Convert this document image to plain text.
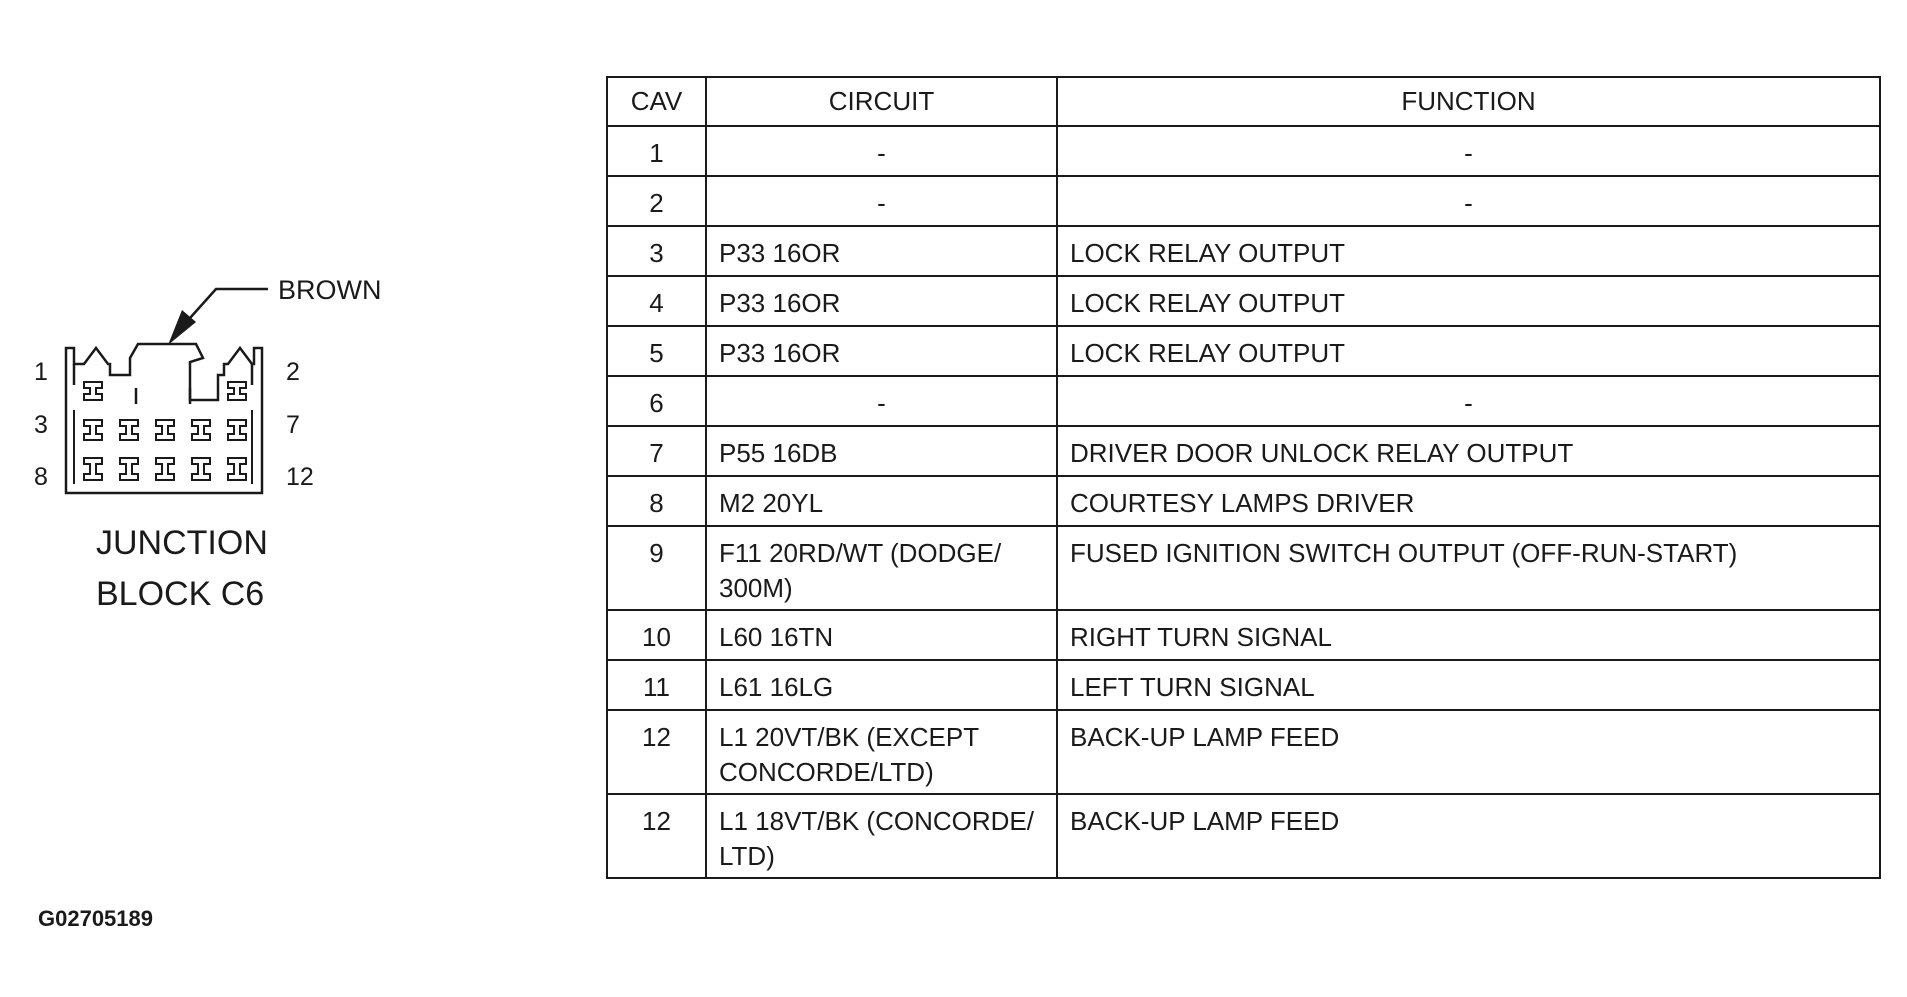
BROWN
1	2
3	7
8	12
JUNCTION
BLOCK C6
CAV	CIRCUIT	FUNCTION
1	-	-
2	-	-
3	P33 16OR	LOCK RELAY OUTPUT
4	P33 16OR	LOCK RELAY OUTPUT
5	P33 16OR	LOCK RELAY OUTPUT
6	-	-
7	P55 16DB	DRIVER DOOR UNLOCK RELAY OUTPUT
8	M2 20YL	COURTESY LAMPS DRIVER
9	F11 20RD/WT (DODGE/ 300M)	FUSED IGNITION SWITCH OUTPUT (OFF-RUN-START)
10	L60 16TN	RIGHT TURN SIGNAL
11	L61 16LG	LEFT TURN SIGNAL
12	L1 20VT/BK (EXCEPT CONCORDE/LTD)	BACK-UP LAMP FEED
12	L1 18VT/BK (CONCORDE/ LTD)	BACK-UP LAMP FEED
G02705189
